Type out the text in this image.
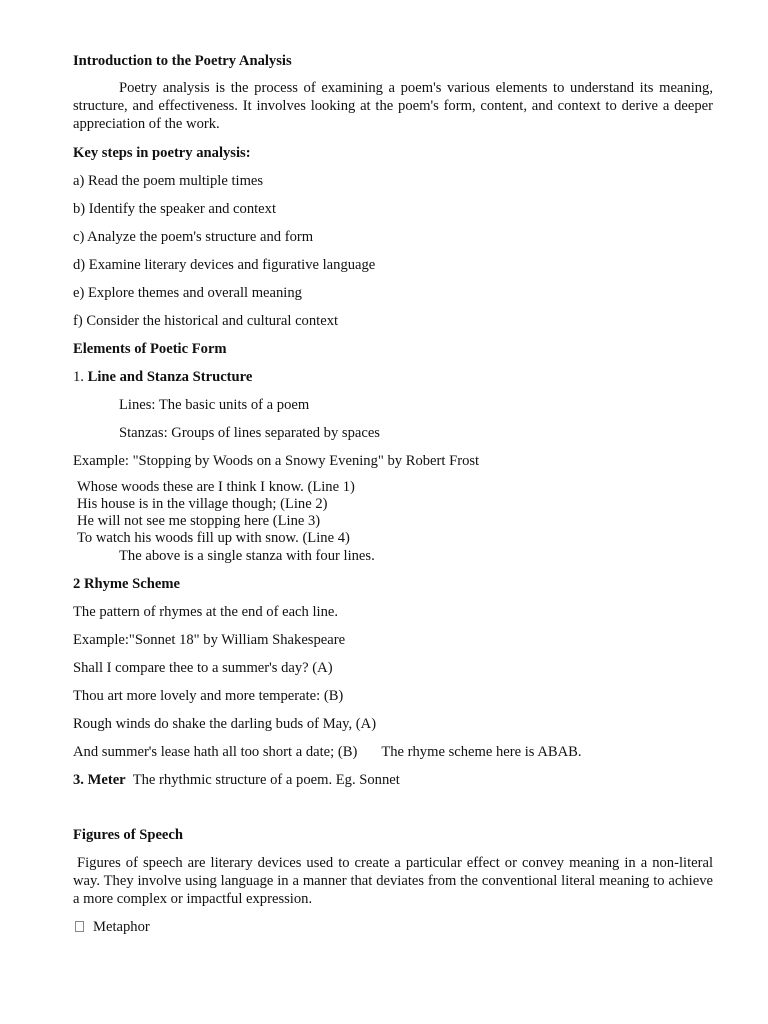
Introduction to the Poetry Analysis

Poetry analysis is the process of examining a poem's various elements to understand its meaning, structure, and effectiveness. It involves looking at the poem's form, content, and context to derive a deeper appreciation of the work.

Key steps in poetry analysis:

a) Read the poem multiple times

b) Identify the speaker and context

c) Analyze the poem's structure and form

d) Examine literary devices and figurative language

e) Explore themes and overall meaning

f) Consider the historical and cultural context

Elements of Poetic Form

1. Line and Stanza Structure

Lines: The basic units of a poem

Stanzas: Groups of lines separated by spaces

Example: "Stopping by Woods on a Snowy Evening" by Robert Frost

Whose woods these are I think I know. (Line 1)

His house is in the village though; (Line 2)

He will not see me stopping here (Line 3)

To watch his woods fill up with snow. (Line 4)

The above is a single stanza with four lines.

2 Rhyme Scheme

The pattern of rhymes at the end of each line.

Example:"Sonnet 18" by William Shakespeare

Shall I compare thee to a summer's day? (A)

Thou art more lovely and more temperate: (B)

Rough winds do shake the darling buds of May, (A)

And summer's lease hath all too short a date; (B) The rhyme scheme here is ABAB.

3. Meter The rhythmic structure of a poem. Eg. Sonnet

Figures of Speech

Figures of speech are literary devices used to create a particular effect or convey meaning in a non-literal way. They involve using language in a manner that deviates from the conventional literal meaning to achieve a more complex or impactful expression.

Metaphor
